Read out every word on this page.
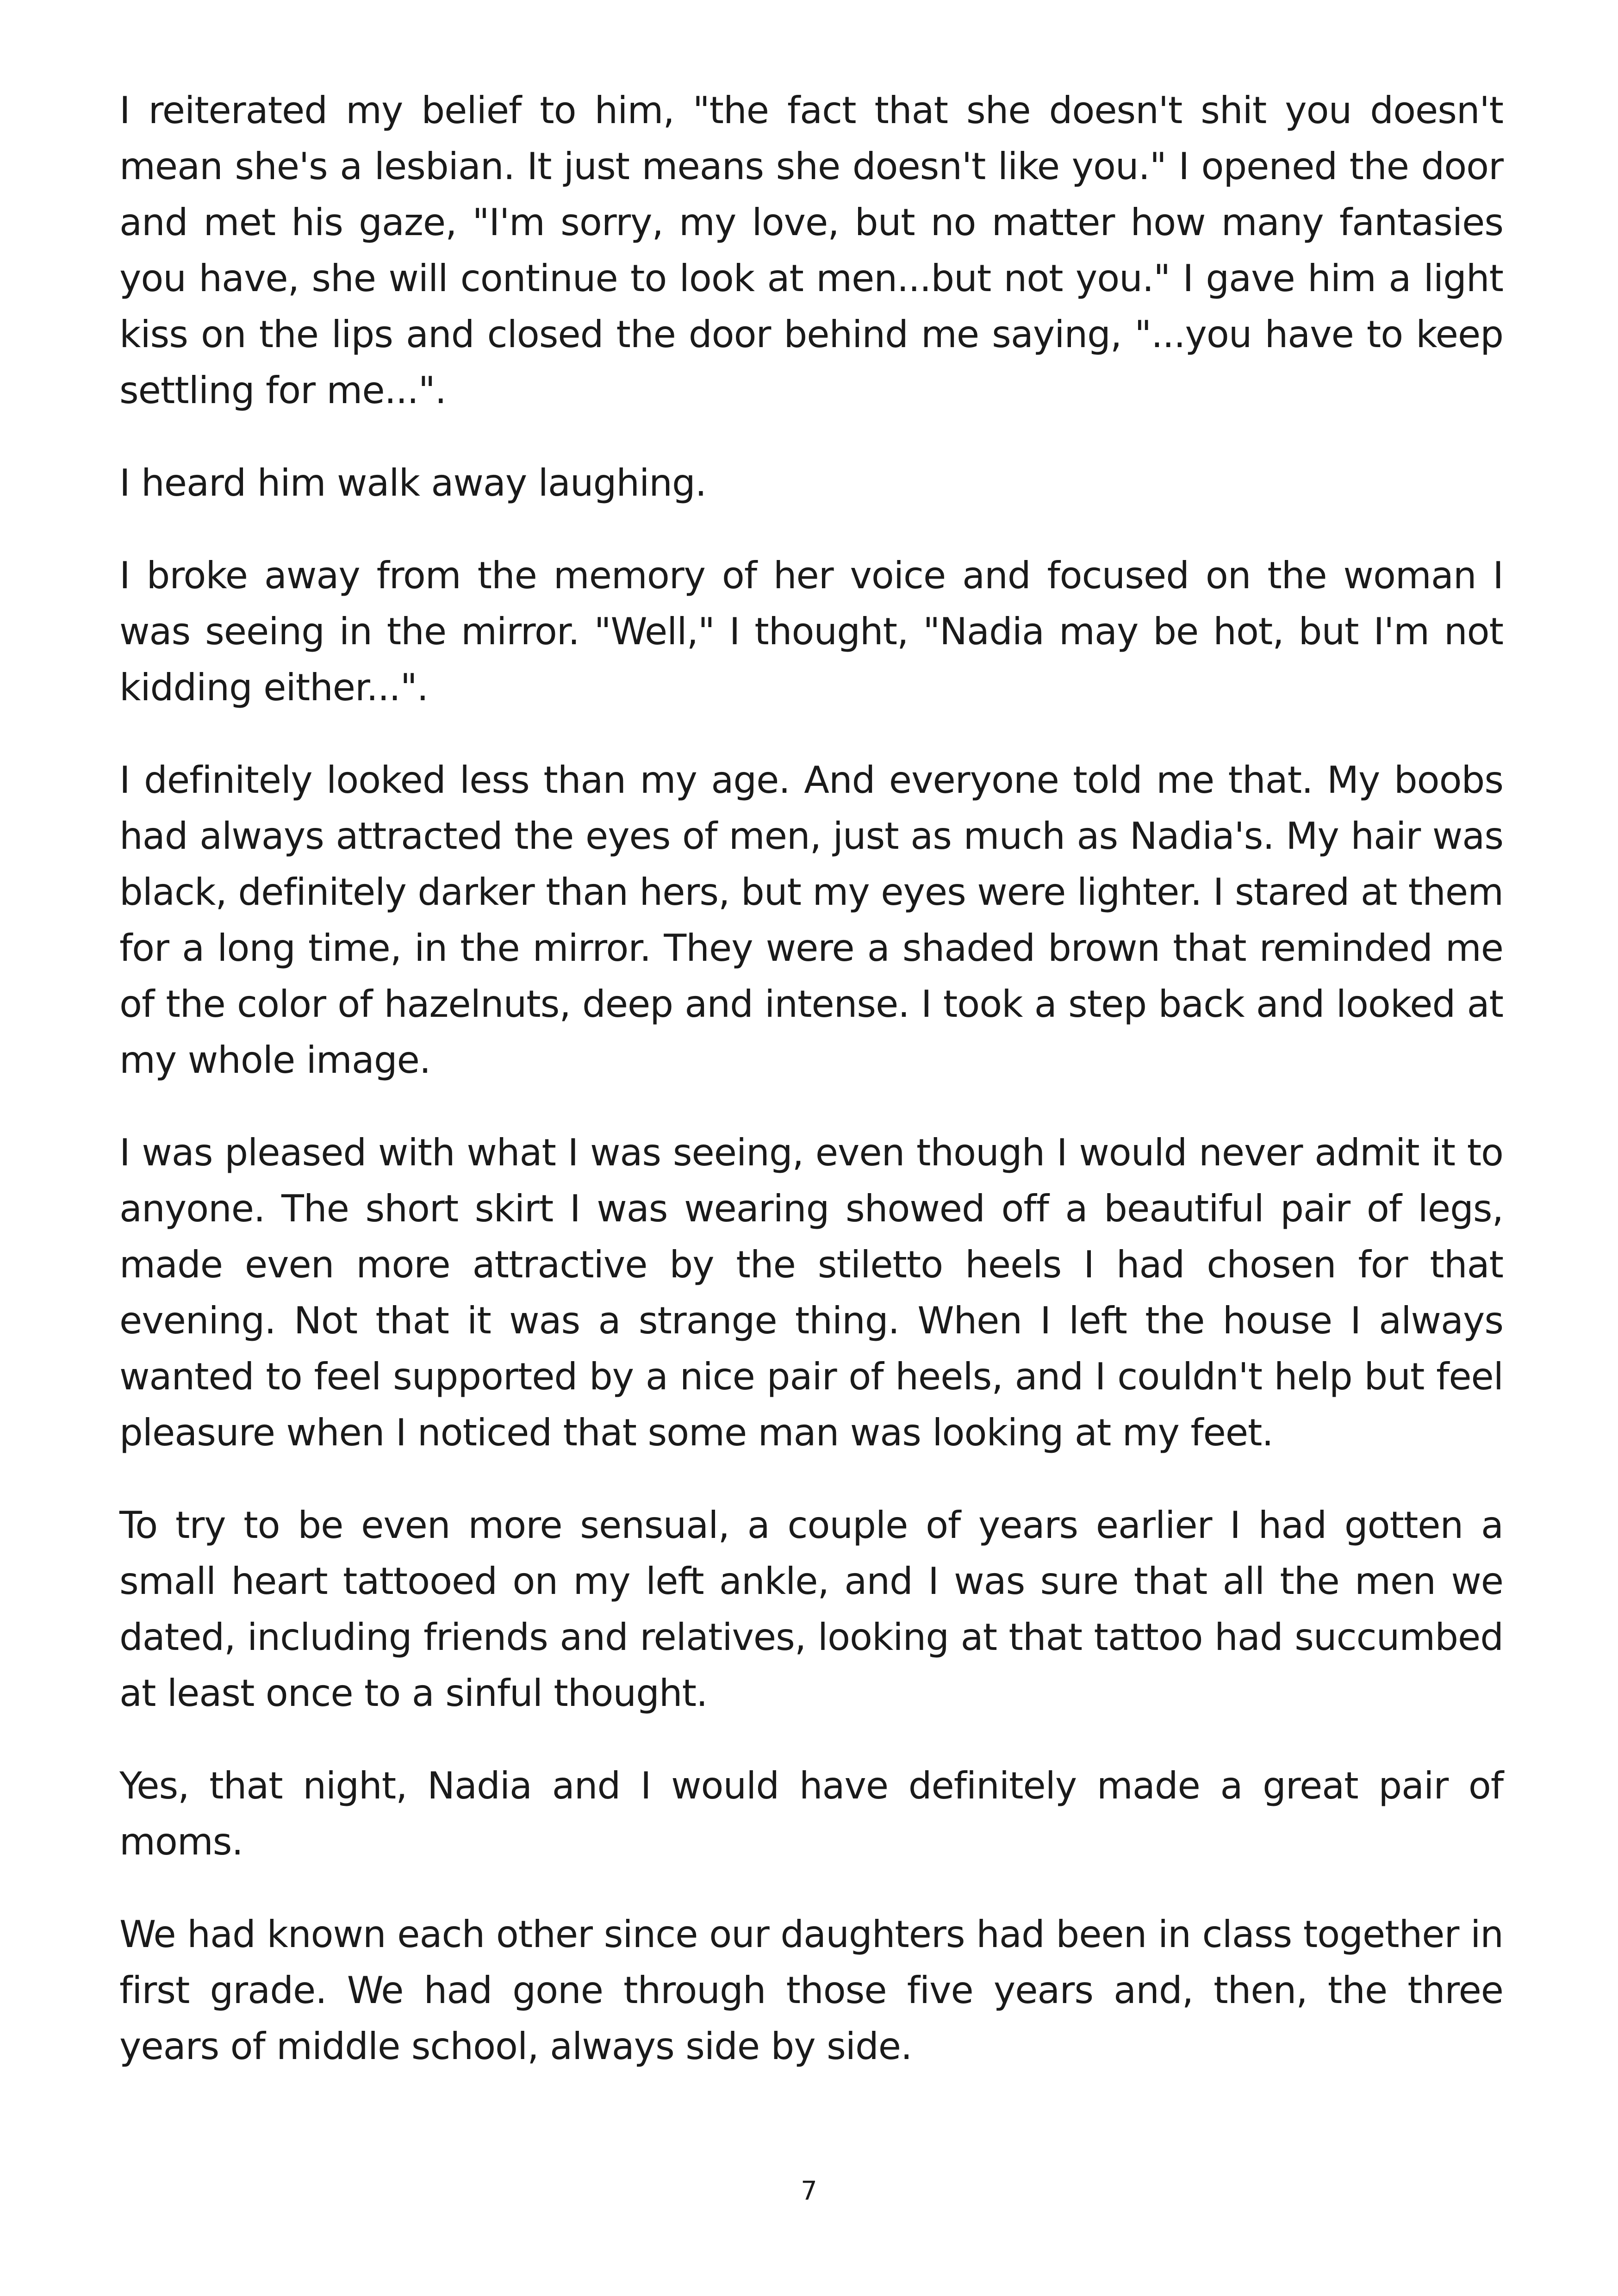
I reiterated my belief to him, "the fact that she doesn't shit you doesn't mean she's a lesbian. It just means she doesn't like you." I opened the door and met his gaze, "I'm sorry, my love, but no matter how many fantasies you have, she will continue to look at men...but not you." I gave him a light kiss on the lips and closed the door behind me saying, "...you have to keep settling for me...".

I heard him walk away laughing.

I broke away from the memory of her voice and focused on the woman I was seeing in the mirror. "Well," I thought, "Nadia may be hot, but I'm not kidding either...".

I definitely looked less than my age. And everyone told me that. My boobs had always attracted the eyes of men, just as much as Nadia's. My hair was black, definitely darker than hers, but my eyes were lighter. I stared at them for a long time, in the mirror. They were a shaded brown that reminded me of the color of hazelnuts, deep and intense. I took a step back and looked at my whole image.

I was pleased with what I was seeing, even though I would never admit it to anyone. The short skirt I was wearing showed off a beautiful pair of legs, made even more attractive by the stiletto heels I had chosen for that evening. Not that it was a strange thing. When I left the house I always wanted to feel supported by a nice pair of heels, and I couldn't help but feel pleasure when I noticed that some man was looking at my feet.

To try to be even more sensual, a couple of years earlier I had gotten a small heart tattooed on my left ankle, and I was sure that all the men we dated, including friends and relatives, looking at that tattoo had succumbed at least once to a sinful thought.

Yes, that night, Nadia and I would have definitely made a great pair of moms.

We had known each other since our daughters had been in class together in first grade. We had gone through those five years and, then, the three years of middle school, always side by side.

7
